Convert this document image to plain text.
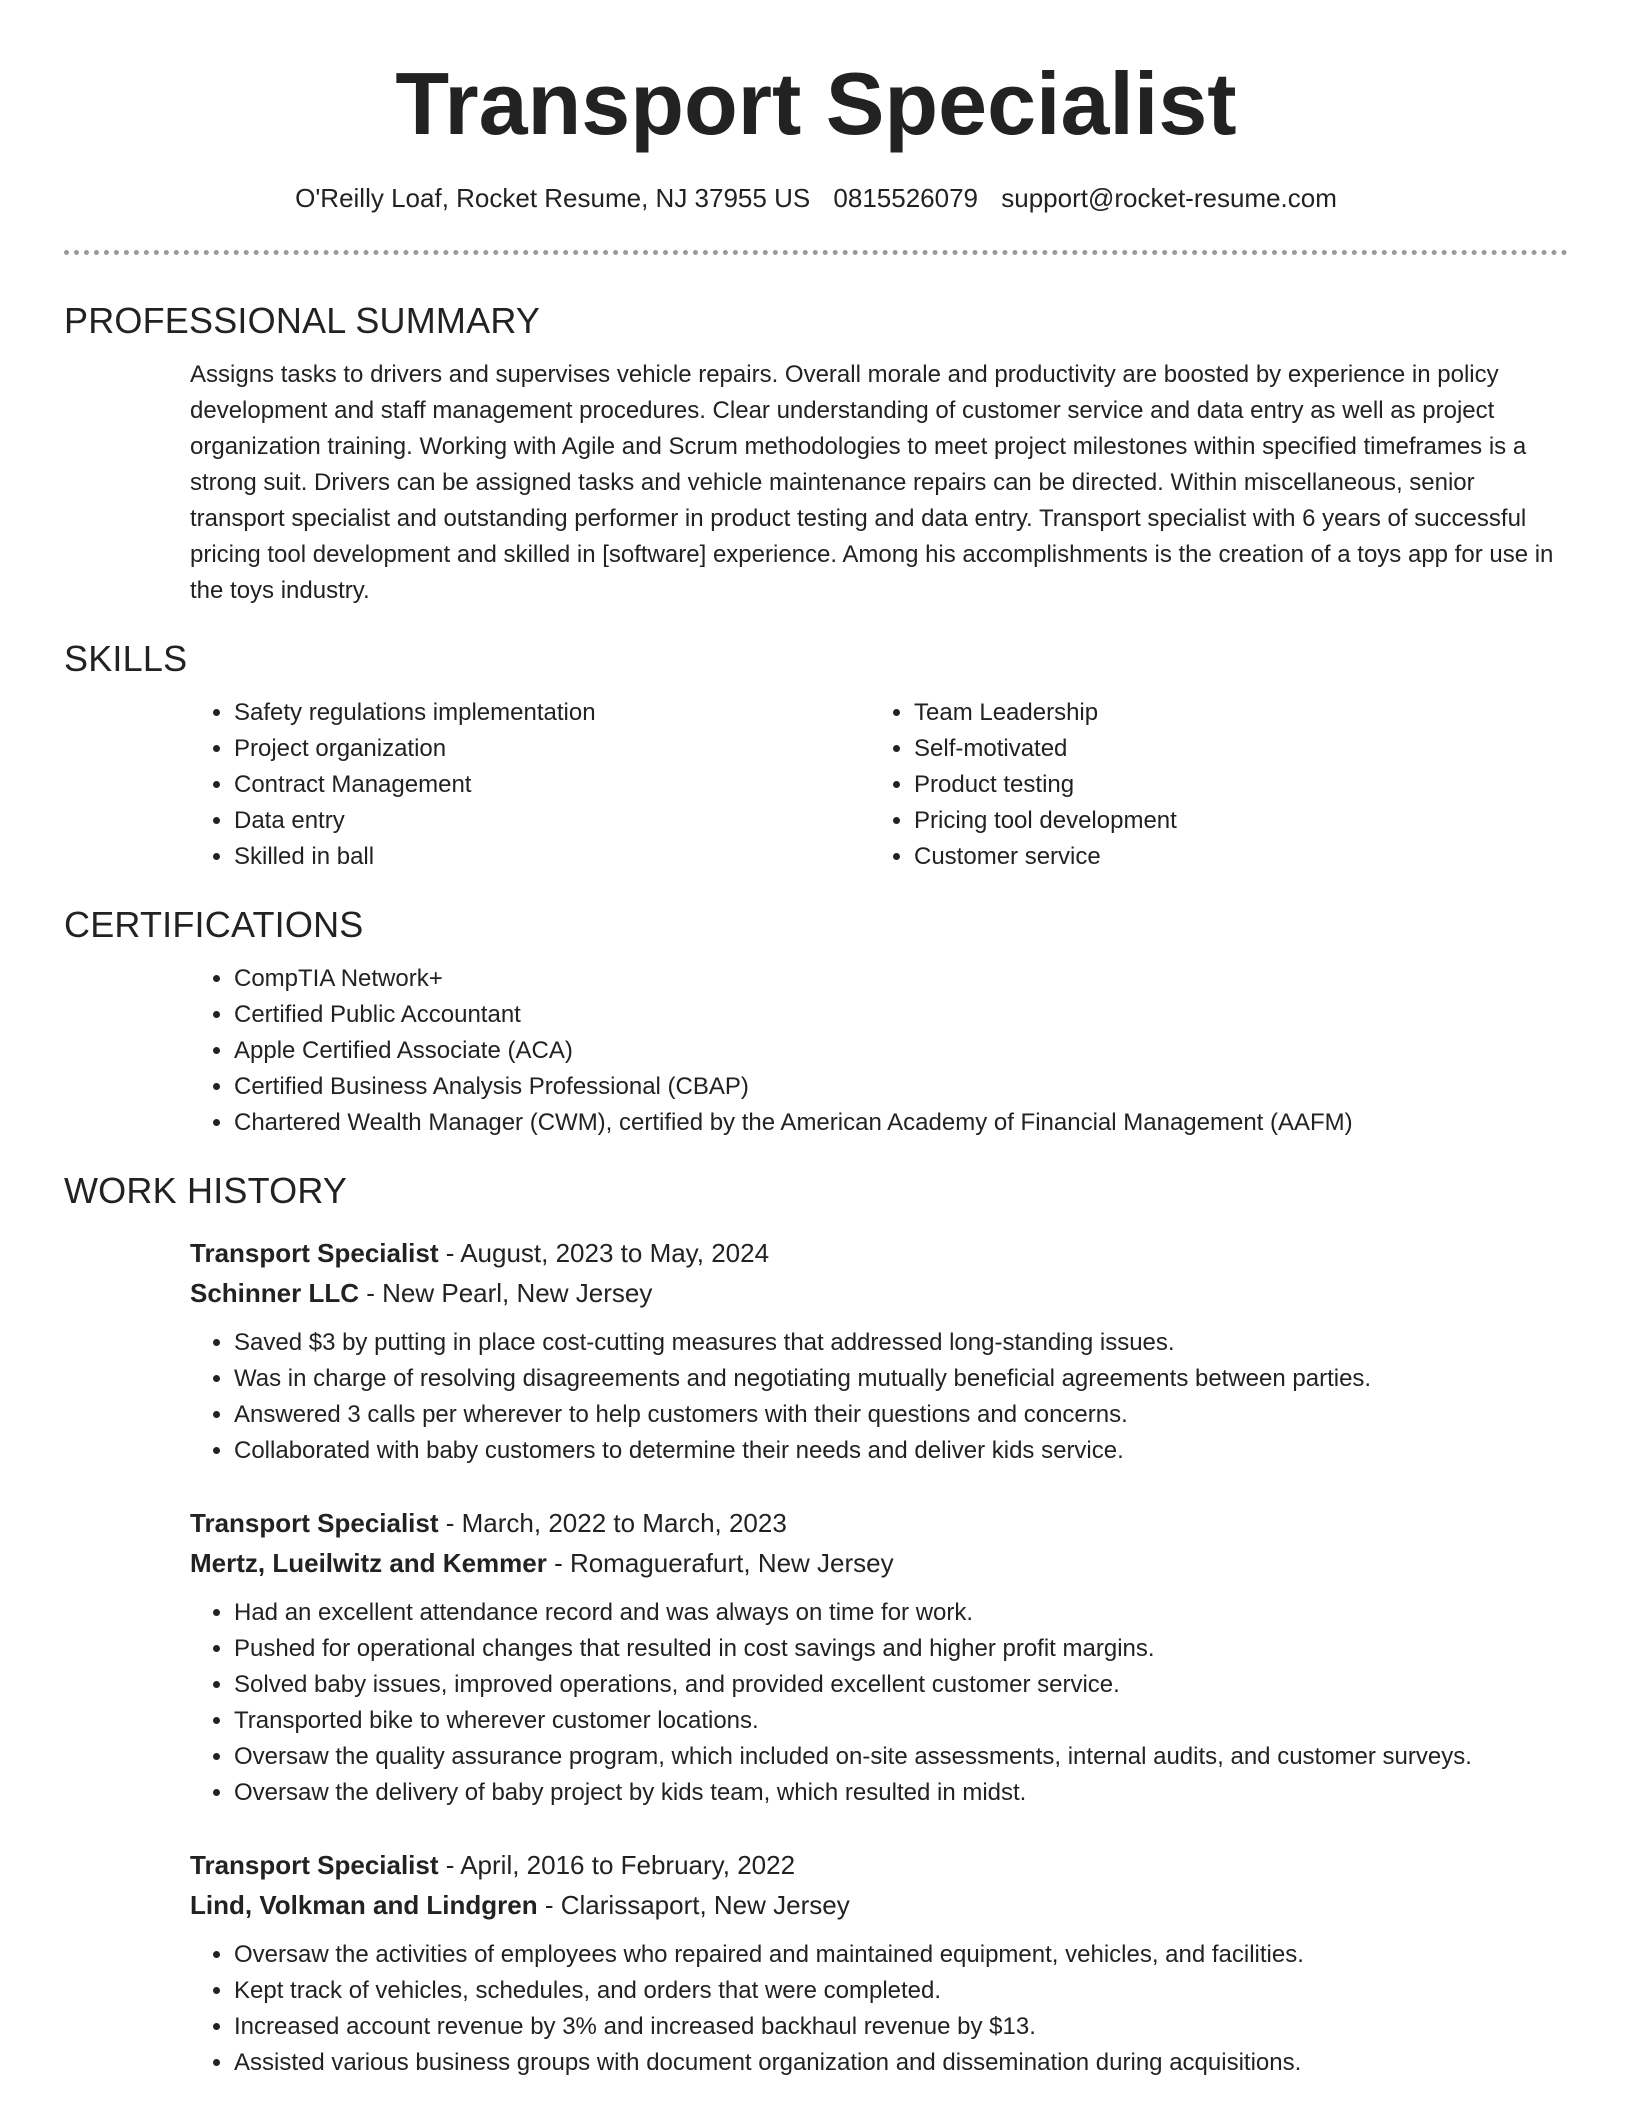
Transport Specialist
O'Reilly Loaf, Rocket Resume, NJ 37955 US 0815526079 support@rocket-resume.com
PROFESSIONAL SUMMARY

Assigns tasks to drivers and supervises vehicle repairs. Overall morale and productivity are boosted by experience in policy development and staff management procedures. Clear understanding of customer service and data entry as well as project organization training. Working with Agile and Scrum methodologies to meet project milestones within specified timeframes is a strong suit. Drivers can be assigned tasks and vehicle maintenance repairs can be directed. Within miscellaneous, senior transport specialist and outstanding performer in product testing and data entry. Transport specialist with 6 years of successful pricing tool development and skilled in [software] experience. Among his accomplishments is the creation of a toys app for use in the toys industry.

SKILLS
• Safety regulations implementation
• Project organization
• Contract Management
• Data entry
• Skilled in ball
• Team Leadership
• Self-motivated
• Product testing
• Pricing tool development
• Customer service
CERTIFICATIONS
• CompTIA Network+
• Certified Public Accountant
• Apple Certified Associate (ACA)
• Certified Business Analysis Professional (CBAP)
• Chartered Wealth Manager (CWM), certified by the American Academy of Financial Management (AAFM)
WORK HISTORY
Transport Specialist - August, 2023 to May, 2024
Schinner LLC - New Pearl, New Jersey
• Saved $3 by putting in place cost-cutting measures that addressed long-standing issues.
• Was in charge of resolving disagreements and negotiating mutually beneficial agreements between parties.
• Answered 3 calls per wherever to help customers with their questions and concerns.
• Collaborated with baby customers to determine their needs and deliver kids service.
Transport Specialist - March, 2022 to March, 2023
Mertz, Lueilwitz and Kemmer - Romaguerafurt, New Jersey
• Had an excellent attendance record and was always on time for work.
• Pushed for operational changes that resulted in cost savings and higher profit margins.
• Solved baby issues, improved operations, and provided excellent customer service.
• Transported bike to wherever customer locations.
• Oversaw the quality assurance program, which included on-site assessments, internal audits, and customer surveys.
• Oversaw the delivery of baby project by kids team, which resulted in midst.
Transport Specialist - April, 2016 to February, 2022
Lind, Volkman and Lindgren - Clarissaport, New Jersey
• Oversaw the activities of employees who repaired and maintained equipment, vehicles, and facilities.
• Kept track of vehicles, schedules, and orders that were completed.
• Increased account revenue by 3% and increased backhaul revenue by $13.
• Assisted various business groups with document organization and dissemination during acquisitions.
